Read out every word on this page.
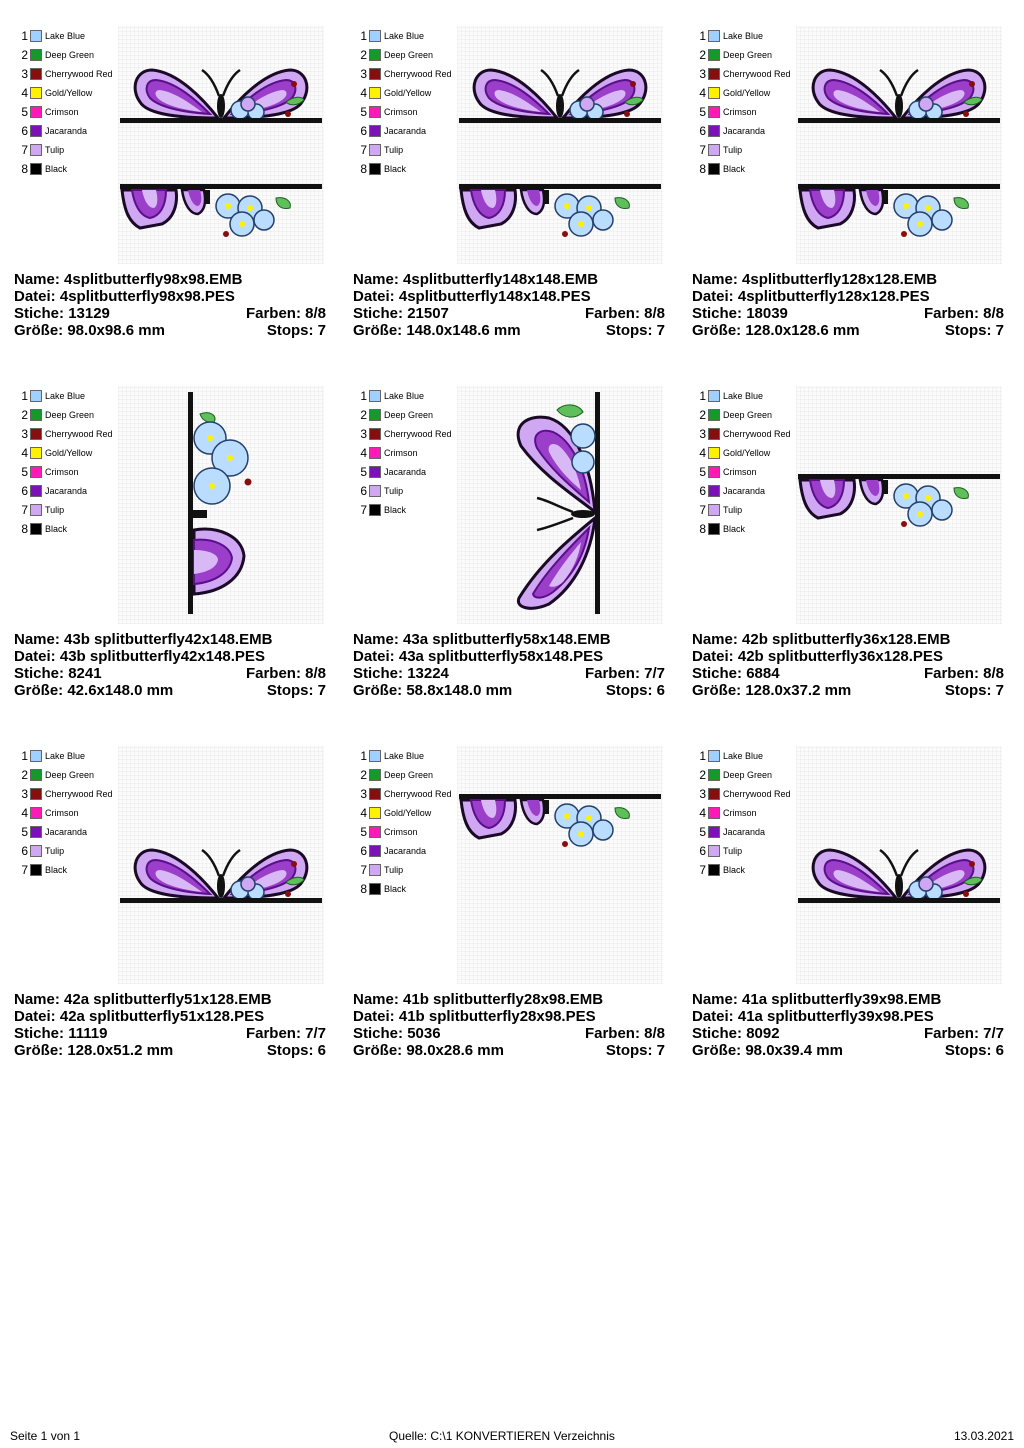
1 Lake Blue
2 Deep Green
3 Cherrywood Red
4 Gold/Yellow
5 Crimson
6 Jacaranda
7 Tulip
8 Black
Name: 4splitbutterfly98x98.EMB
Datei: 4splitbutterfly98x98.PES
Stiche: 13129	Farben: 8/8
Größe: 98.0x98.6 mm	Stops: 7
1 Lake Blue
2 Deep Green
3 Cherrywood Red
4 Gold/Yellow
5 Crimson
6 Jacaranda
7 Tulip
8 Black
Name: 4splitbutterfly148x148.EMB
Datei: 4splitbutterfly148x148.PES
Stiche: 21507	Farben: 8/8
Größe: 148.0x148.6 mm	Stops: 7
1 Lake Blue
2 Deep Green
3 Cherrywood Red
4 Gold/Yellow
5 Crimson
6 Jacaranda
7 Tulip
8 Black
Name: 4splitbutterfly128x128.EMB
Datei: 4splitbutterfly128x128.PES
Stiche: 18039	Farben: 8/8
Größe: 128.0x128.6 mm	Stops: 7
1 Lake Blue
2 Deep Green
3 Cherrywood Red
4 Gold/Yellow
5 Crimson
6 Jacaranda
7 Tulip
8 Black
Name: 43b splitbutterfly42x148.EMB
Datei: 43b splitbutterfly42x148.PES
Stiche: 8241	Farben: 8/8
Größe: 42.6x148.0 mm	Stops: 7
1 Lake Blue
2 Deep Green
3 Cherrywood Red
4 Crimson
5 Jacaranda
6 Tulip
7 Black
Name: 43a splitbutterfly58x148.EMB
Datei: 43a splitbutterfly58x148.PES
Stiche: 13224	Farben: 7/7
Größe: 58.8x148.0 mm	Stops: 6
1 Lake Blue
2 Deep Green
3 Cherrywood Red
4 Gold/Yellow
5 Crimson
6 Jacaranda
7 Tulip
8 Black
Name: 42b splitbutterfly36x128.EMB
Datei: 42b splitbutterfly36x128.PES
Stiche: 6884	Farben: 8/8
Größe: 128.0x37.2 mm	Stops: 7
1 Lake Blue
2 Deep Green
3 Cherrywood Red
4 Crimson
5 Jacaranda
6 Tulip
7 Black
Name: 42a splitbutterfly51x128.EMB
Datei: 42a splitbutterfly51x128.PES
Stiche: 11119	Farben: 7/7
Größe: 128.0x51.2 mm	Stops: 6
1 Lake Blue
2 Deep Green
3 Cherrywood Red
4 Gold/Yellow
5 Crimson
6 Jacaranda
7 Tulip
8 Black
Name: 41b splitbutterfly28x98.EMB
Datei: 41b splitbutterfly28x98.PES
Stiche: 5036	Farben: 8/8
Größe: 98.0x28.6 mm	Stops: 7
1 Lake Blue
2 Deep Green
3 Cherrywood Red
4 Crimson
5 Jacaranda
6 Tulip
7 Black
Name: 41a splitbutterfly39x98.EMB
Datei: 41a splitbutterfly39x98.PES
Stiche: 8092	Farben: 7/7
Größe: 98.0x39.4 mm	Stops: 6
Seite 1 von 1	Quelle: C:\1 KONVERTIEREN Verzeichnis	13.03.2021
